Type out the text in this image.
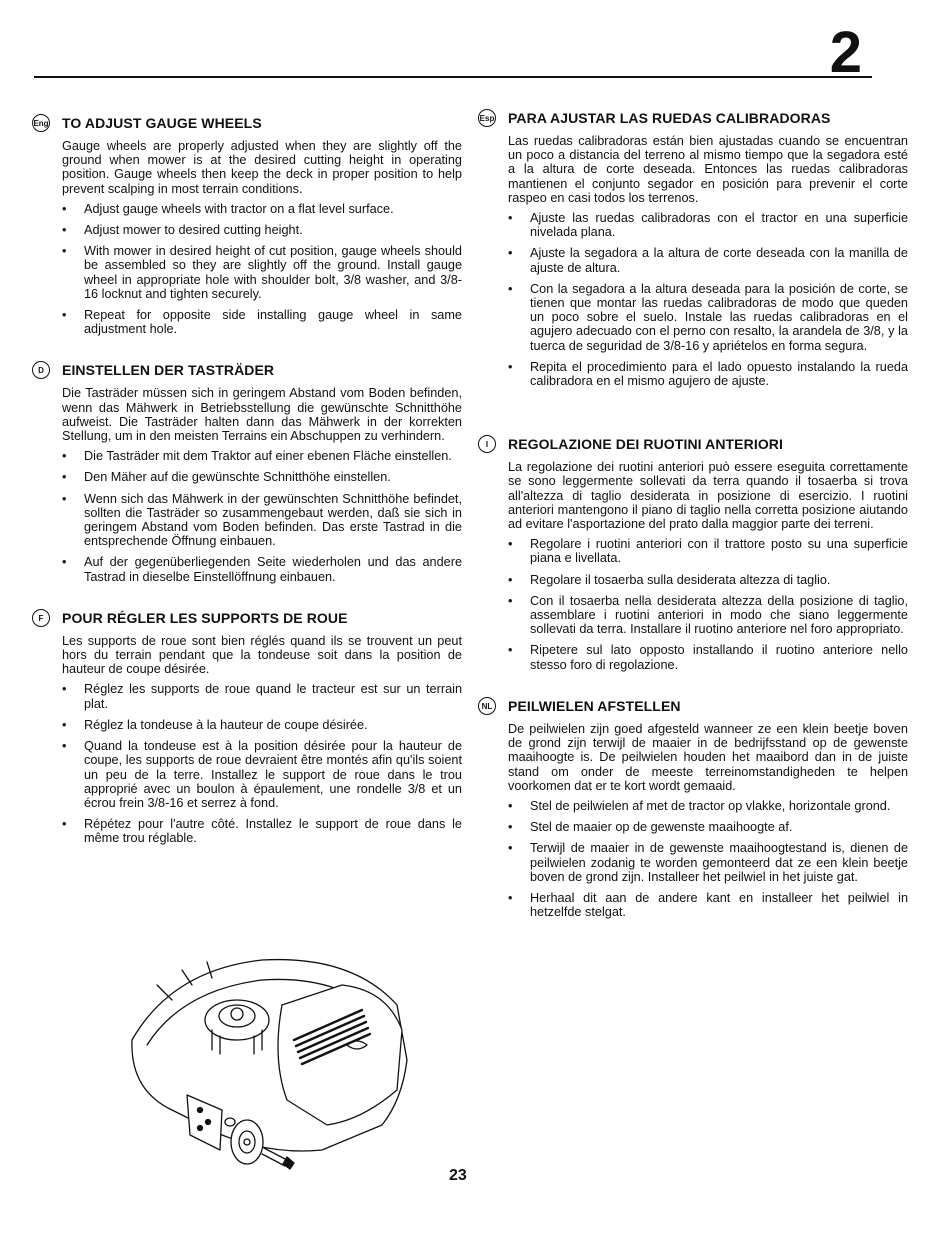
2
Eng TO ADJUST GAUGE WHEELS

Gauge wheels are properly adjusted when they are slightly off the ground when mower is at the desired cutting height in operating position. Gauge wheels then keep the deck in proper position to help prevent scalping in most terrain conditions.

• Adjust gauge wheels with tractor on a flat level surface.
• Adjust mower to desired cutting height.
• With mower in desired height of cut position, gauge wheels should be assembled so they are slightly off the ground. Install gauge wheel in appropriate hole with shoulder bolt, 3/8 washer, and 3/8-16 locknut and tighten securely.
• Repeat for opposite side installing gauge wheel in same adjustment hole.
D	EINSTELLEN DER TASTRÄDER

Die Tasträder müssen sich in geringem Abstand vom Boden befinden, wenn das Mähwerk in Betriebsstellung die gewünschte Schnitthöhe aufweist. Die Tasträder halten dann das Mähwerk in der korrekten Stellung, um in den meisten Terrains ein Abschuppen zu verhindern.

• Die Tasträder mit dem Traktor auf einer ebenen Fläche einstellen.
• Den Mäher auf die gewünschte Schnitthöhe einstellen.
• Wenn sich das Mähwerk in der gewünschten Schnitthöhe befindet, sollten die Tasträder so zusammengebaut werden, daß sie sich in geringem Abstand vom Boden befinden. Das erste Tastrad in die entsprechende Öffnung einbauen.
• Auf der gegenüberliegenden Seite wiederholen und das andere Tastrad in dieselbe Einstellöffnung einbauen.
F	POUR RÉGLER LES SUPPORTS DE ROUE

Les supports de roue sont bien réglés quand ils se trouvent un peut hors du terrain pendant que la tondeuse soit dans la position de hauteur de coupe désirée.

• Réglez les supports de roue quand le tracteur est sur un terrain plat.
• Réglez la tondeuse à la hauteur de coupe désirée.
• Quand la tondeuse est à la position désirée pour la hauteur de coupe, les supports de roue devraient être montés afin qu'ils soient un peu de la terre. Installez le support de roue dans le trou approprié avec un boulon à épaulement, une rondelle 3/8 et un écrou frein 3/8-16 et serrez à fond.
• Répétez pour l'autre côté. Installez le support de roue dans le même trou réglable.
Esp PARA AJUSTAR LAS RUEDAS CALIBRADORAS

Las ruedas calibradoras están bien ajustadas cuando se encuentran un poco a distancia del terreno al mismo tiempo que la segadora esté a la altura de corte deseada. Entonces las ruedas calibradoras mantienen el conjunto segador en posición para prevenir el corte raspeo en casi todos los terrenos.

• Ajuste las ruedas calibradoras con el tractor en una superficie nivelada plana.
• Ajuste la segadora a la altura de corte deseada con la manilla de ajuste de altura.
• Con la segadora a la altura deseada para la posición de corte, se tienen que montar las ruedas calibradoras de modo que queden un poco sobre el suelo. Instale las ruedas calibradoras en el agujero adecuado con el perno con resalto, la arandela de 3/8, y la tuerca de seguridad de 3/8-16 y apriételos en forma segura.
• Repita el procedimiento para el lado opuesto instalando la rueda calibradora en el mismo agujero de ajuste.
I	REGOLAZIONE DEI RUOTINI ANTERIORI

La regolazione dei ruotini anteriori può essere eseguita correttamente se sono leggermente sollevati da terra quando il tosaerba si trova all'altezza di taglio desiderata in posizione di esercizio. I ruotini anteriori mantengono il piano di taglio nella corretta posizione aiutando ad evitare l'asportazione del prato dalla maggior parte dei terreni.

• Regolare i ruotini anteriori con il trattore posto su una superficie piana e livellata.
• Regolare il tosaerba sulla desiderata altezza di taglio.
• Con il tosaerba nella desiderata altezza della posizione di taglio, assemblare i ruotini anteriori in modo che siano leggermente sollevati da terra. Installare il ruotino anteriore nel foro appropriato.
• Ripetere sul lato opposto installando il ruotino anteriore nello stesso foro di regolazione.
NL PEILWIELEN AFSTELLEN

De peilwielen zijn goed afgesteld wanneer ze een klein beetje boven de grond zijn terwijl de maaier in de bedrijfsstand op de gewenste maaihoogte is. De peilwielen houden het maaibord dan in de juiste stand om onder de meeste terreinomstandigheden te helpen voorkomen dat er te kort wordt gemaaid.

• Stel de peilwielen af met de tractor op vlakke, horizontale grond.
• Stel de maaier op de gewenste maaihoogte af.
• Terwijl de maaier in de gewenste maaihoogtestand is, dienen de peilwielen zodanig te worden gemonteerd dat ze een klein beetje boven de grond zijn. Installeer het peilwiel in het juiste gat.
• Herhaal dit aan de andere kant en installeer het peilwiel in hetzelfde stelgat.
23
